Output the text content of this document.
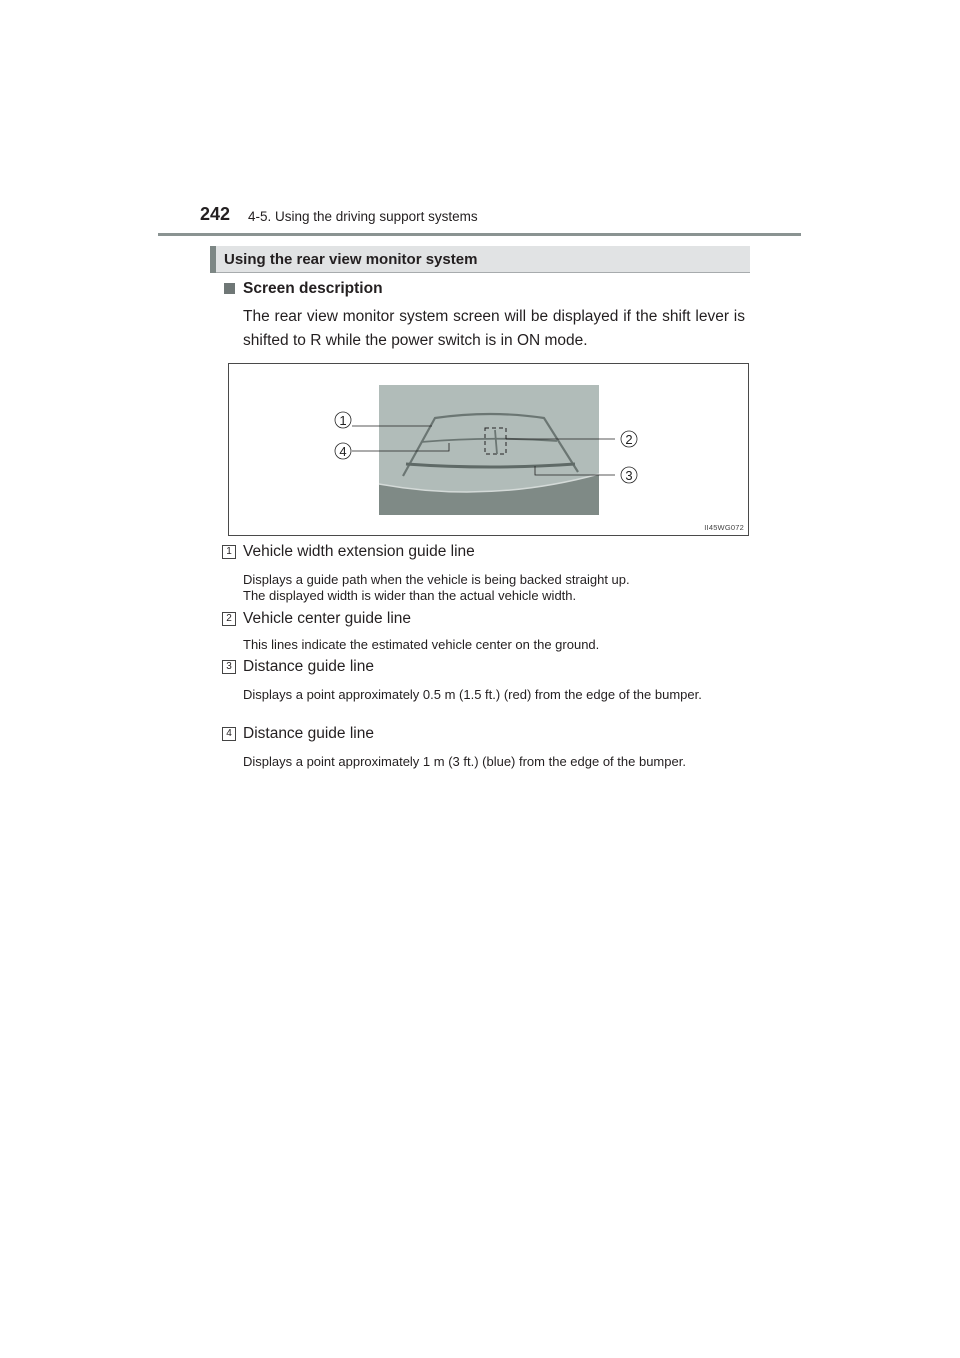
242 4-5. Using the driving support systems
Using the rear view monitor system
Screen description
The rear view monitor system screen will be displayed if the shift lever is shifted to R while the power switch is in ON mode.
1
2
3
4
II45WG072
1 Vehicle width extension guide line
Displays a guide path when the vehicle is being backed straight up.
The displayed width is wider than the actual vehicle width.
2 Vehicle center guide line
This lines indicate the estimated vehicle center on the ground.
3 Distance guide line
Displays a point approximately 0.5 m (1.5 ft.) (red) from the edge of the bumper.
4 Distance guide line
Displays a point approximately 1 m (3 ft.) (blue) from the edge of the bumper.
